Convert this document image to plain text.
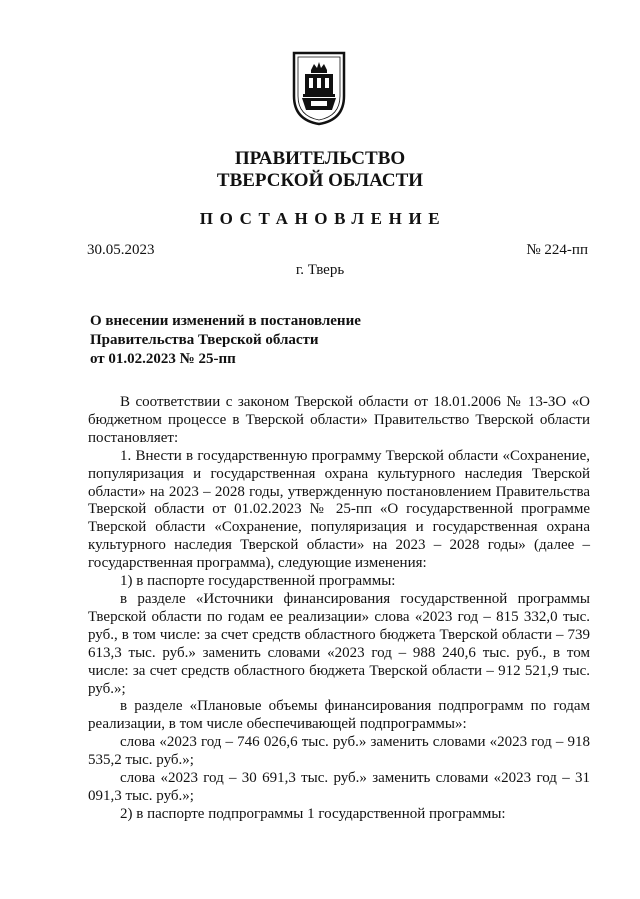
ПРАВИТЕЛЬСТВО
ТВЕРСКОЙ ОБЛАСТИ
ПОСТАНОВЛЕНИЕ
30.05.2023	№ 224-пп
г. Тверь
О внесении изменений в постановление
Правительства Тверской области
от 01.02.2023 № 25-пп

В соответствии с законом Тверской области от 18.01.2006 № 13-ЗО «О бюджетном процессе в Тверской области» Правительство Тверской области постановляет:

1. Внести в государственную программу Тверской области «Сохранение, популяризация и государственная охрана культурного наследия Тверской области» на 2023 – 2028 годы, утвержденную постановлением Правительства Тверской области от 01.02.2023 № 25-пп «О государственной программе Тверской области «Сохранение, популяризация и государственная охрана культурного наследия Тверской области» на 2023 – 2028 годы» (далее – государственная программа), следующие изменения:

1) в паспорте государственной программы:

в разделе «Источники финансирования государственной программы Тверской области по годам ее реализации» слова «2023 год – 815 332,0 тыс. руб., в том числе: за счет средств областного бюджета Тверской области – 739 613,3 тыс. руб.» заменить словами «2023 год – 988 240,6 тыс. руб., в том числе: за счет средств областного бюджета Тверской области – 912 521,9 тыс. руб.»;

в разделе «Плановые объемы финансирования подпрограмм по годам реализации, в том числе обеспечивающей подпрограммы»:

слова «2023 год – 746 026,6 тыс. руб.» заменить словами «2023 год – 918 535,2 тыс. руб.»;

слова «2023 год – 30 691,3 тыс. руб.» заменить словами «2023 год – 31 091,3 тыс. руб.»;

2) в паспорте подпрограммы 1 государственной программы:
